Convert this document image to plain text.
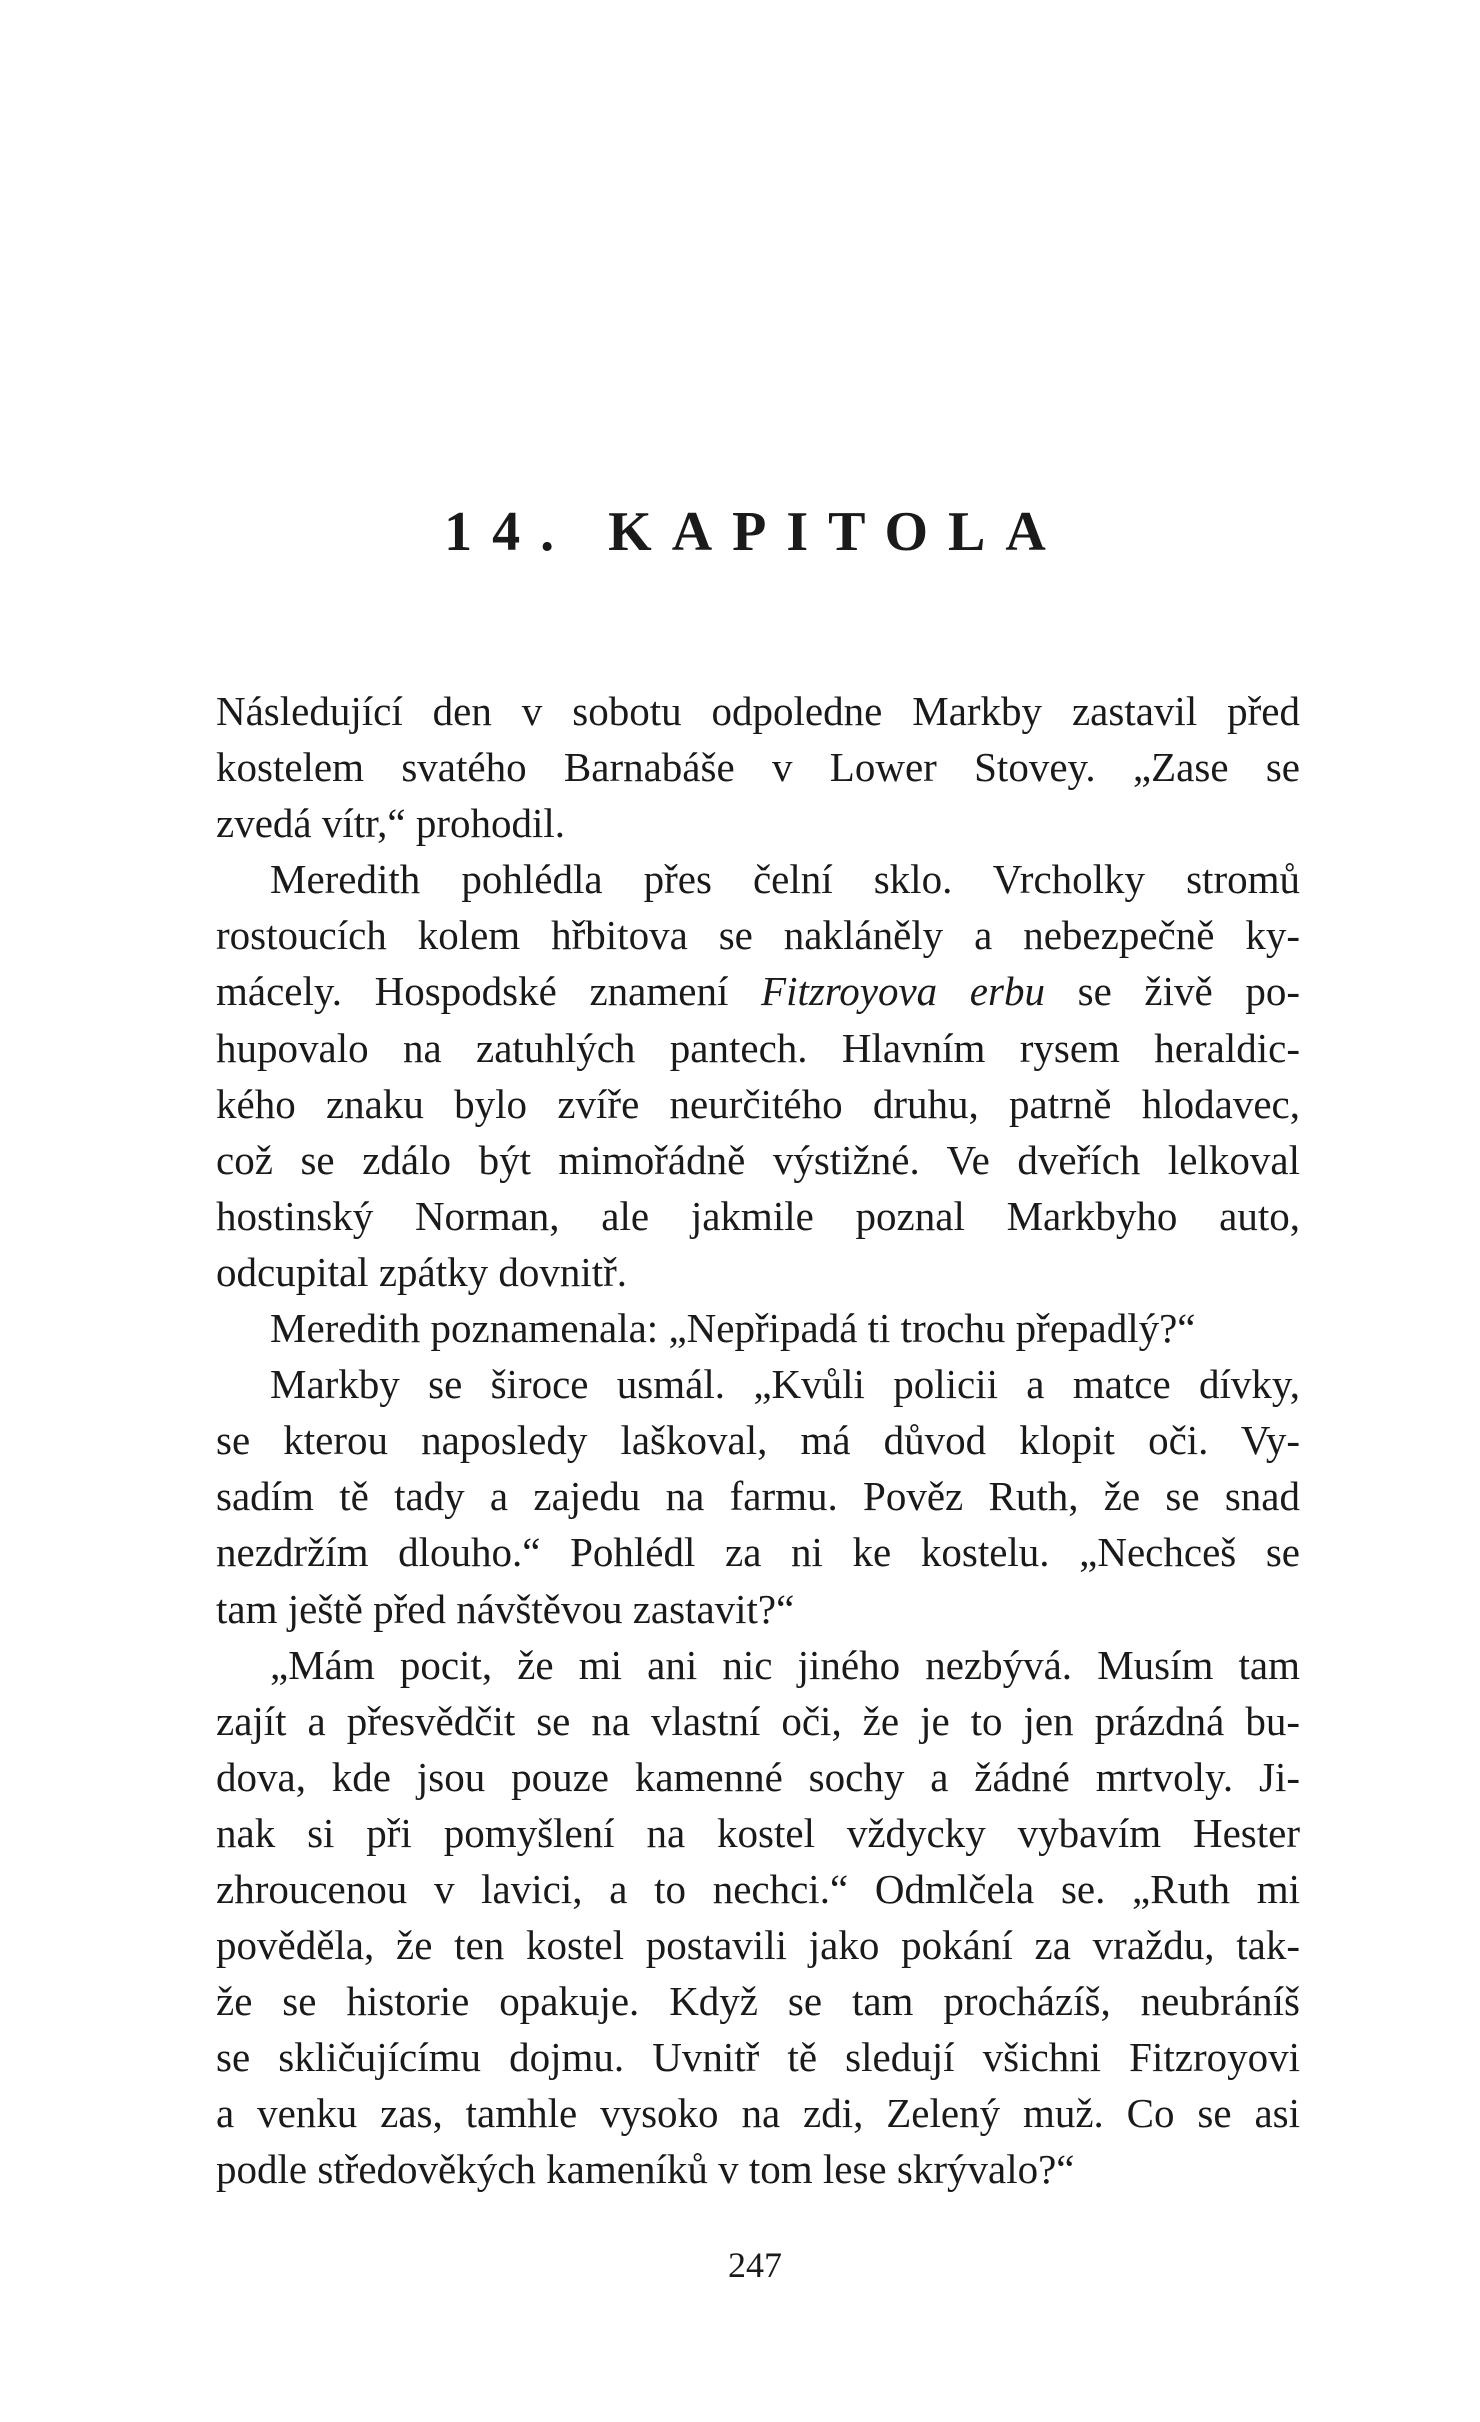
14. KAPITOLA
Následující den v sobotu odpoledne Markby zastavil před
kostelem svatého Barnabáše v Lower Stovey. „Zase se
zvedá vítr,“ prohodil.
Meredith pohlédla přes čelní sklo. Vrcholky stromů
rostoucích kolem hřbitova se nakláněly a nebezpečně ky-
mácely. Hospodské znamení Fitzroyova erbu se živě po-
hupovalo na zatuhlých pantech. Hlavním rysem heraldic-
kého znaku bylo zvíře neurčitého druhu, patrně hlodavec,
což se zdálo být mimořádně výstižné. Ve dveřích lelkoval
hostinský Norman, ale jakmile poznal Markbyho auto,
odcupital zpátky dovnitř.
Meredith poznamenala: „Nepřipadá ti trochu přepadlý?“
Markby se široce usmál. „Kvůli policii a matce dívky,
se kterou naposledy laškoval, má důvod klopit oči. Vy-
sadím tě tady a zajedu na farmu. Pověz Ruth, že se snad
nezdržím dlouho.“ Pohlédl za ni ke kostelu. „Nechceš se
tam ještě před návštěvou zastavit?“
„Mám pocit, že mi ani nic jiného nezbývá. Musím tam
zajít a přesvědčit se na vlastní oči, že je to jen prázdná bu-
dova, kde jsou pouze kamenné sochy a žádné mrtvoly. Ji-
nak si při pomyšlení na kostel vždycky vybavím Hester
zhroucenou v lavici, a to nechci.“ Odmlčela se. „Ruth mi
pověděla, že ten kostel postavili jako pokání za vraždu, tak-
že se historie opakuje. Když se tam procházíš, neubráníš
se skličujícímu dojmu. Uvnitř tě sledují všichni Fitzroyovi
a venku zas, tamhle vysoko na zdi, Zelený muž. Co se asi
podle středověkých kameníků v tom lese skrývalo?“
247
